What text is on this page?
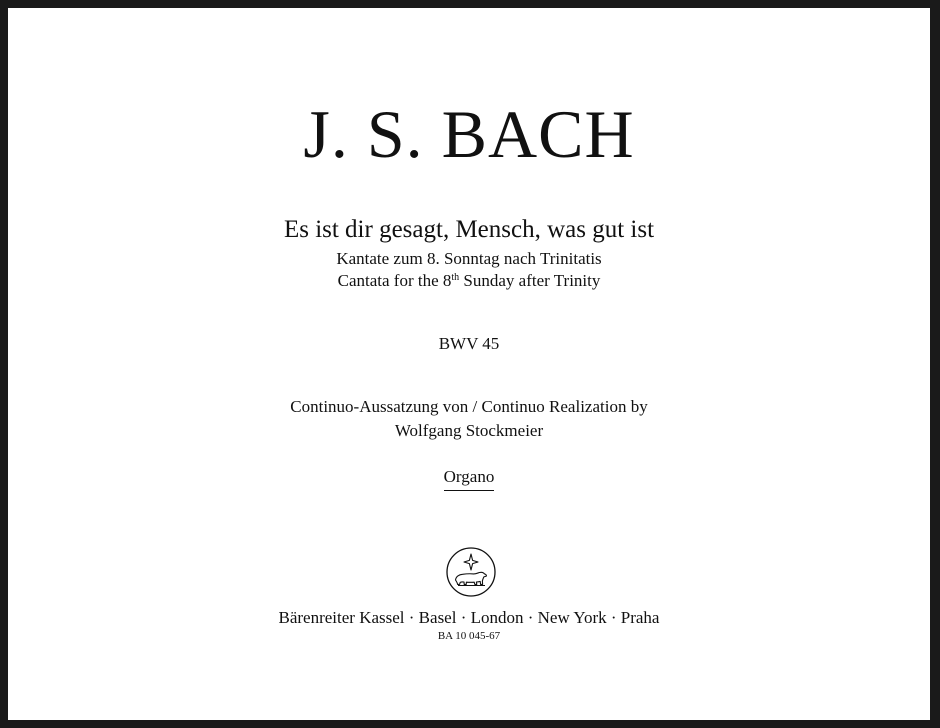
J. S. BACH
Es ist dir gesagt, Mensch, was gut ist
Kantate zum 8. Sonntag nach Trinitatis
Cantata for the 8th Sunday after Trinity
BWV 45
Continuo-Aussatzung von / Continuo Realization by
Wolfgang Stockmeier
Organo
Bärenreiter Kassel · Basel · London · New York · Praha
BA 10 045-67
